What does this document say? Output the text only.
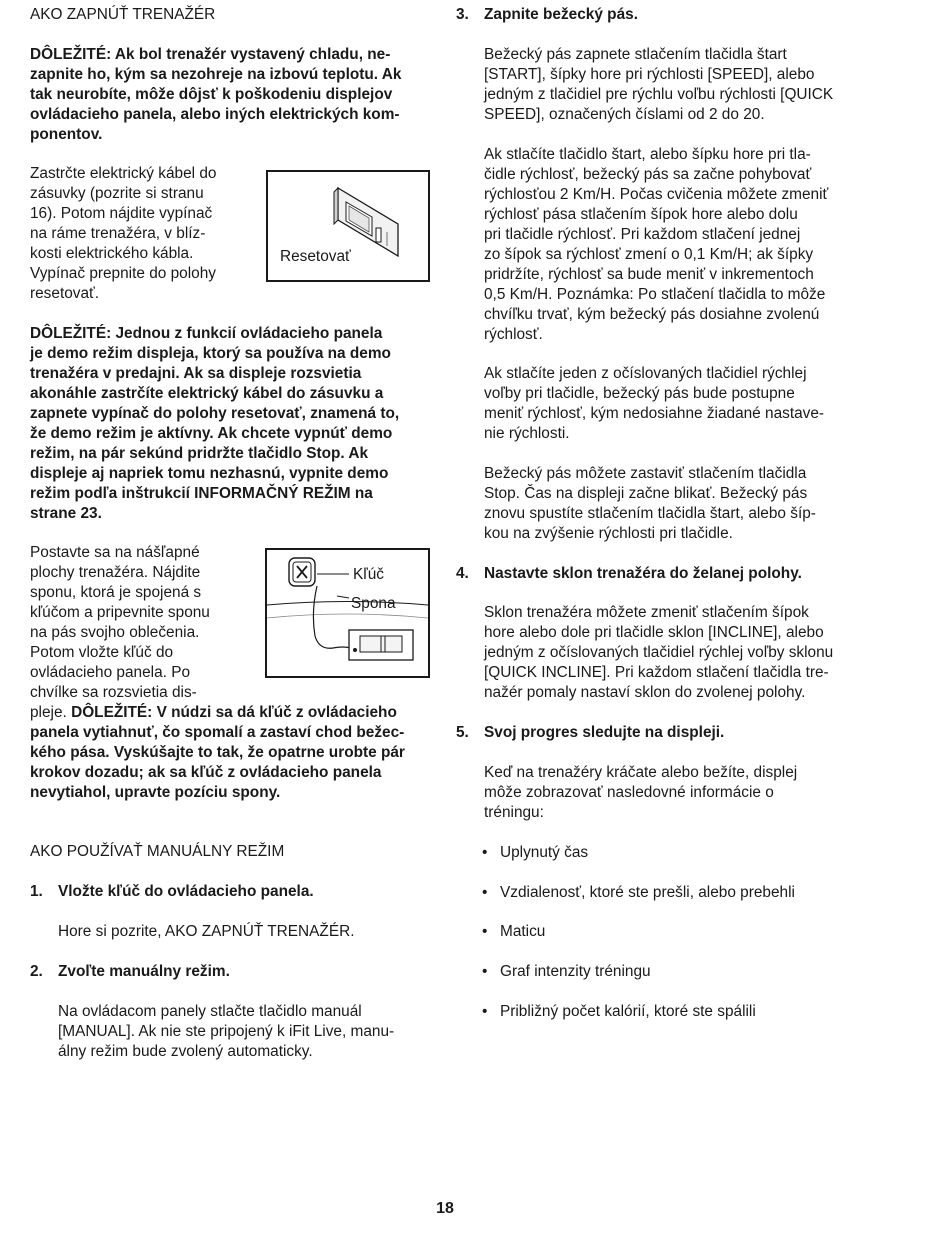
AKO ZAPNÚŤ TRENAŽÉR

DÔLEŽITÉ: Ak bol trenažér vystavený chladu, ne-

zapnite ho, kým sa nezohreje na izbovú teplotu. Ak

tak neurobíte, môže dôjsť k poškodeniu displejov

ovládacieho panela, alebo iných elektrických kom-

ponentov.

Zastrčte elektrický kábel do

zásuvky (pozrite si stranu

16). Potom nájdite vypínač

na ráme trenažéra, v blíz-

kosti elektrického kábla.

Vypínač prepnite do polohy

resetovať.

Resetovať

DÔLEŽITÉ: Jednou z funkcií ovládacieho panela

je demo režim displeja, ktorý sa používa na demo

trenažéra v predajni. Ak sa displeje rozsvietia

akonáhle zastrčíte elektrický kábel do zásuvku a

zapnete vypínač do polohy resetovať, znamená to,

že demo režim je aktívny. Ak chcete vypnúť demo

režim, na pár sekúnd pridržte tlačidlo Stop. Ak

displeje aj napriek tomu nezhasnú, vypnite demo

režim podľa inštrukcií INFORMAČNÝ REŽIM na

strane 23.

Postavte sa na nášľapné

plochy trenažéra. Nájdite

sponu, ktorá je spojená s

kľúčom a pripevnite sponu

na pás svojho oblečenia.

Potom vložte kľúč do

ovládacieho panela. Po

chvílke sa rozsvietia dis-

Kľúč
Spona

pleje. DÔLEŽITÉ: V núdzi sa dá kľúč z ovládacieho

panela vytiahnuť, čo spomalí a zastaví chod bežec-

kého pása. Vyskúšajte to tak, že opatrne urobte pár

krokov dozadu; ak sa kľúč z ovládacieho panela

nevytiahol, upravte pozíciu spony.

AKO POUŽÍVAŤ MANUÁLNY REŽIM

1. Vložte kľúč do ovládacieho panela.

Hore si pozrite, AKO ZAPNÚŤ TRENAŽÉR.

2. Zvoľte manuálny režim.

Na ovládacom panely stlačte tlačidlo manuál

[MANUAL]. Ak nie ste pripojený k iFit Live, manu-

álny režim bude zvolený automaticky.

3. Zapnite bežecký pás.

Bežecký pás zapnete stlačením tlačidla štart

[START], šípky hore pri rýchlosti [SPEED], alebo

jedným z tlačidiel pre rýchlu voľbu rýchlosti [QUICK

SPEED], označených číslami od 2 do 20.

Ak stlačíte tlačidlo štart, alebo šípku hore pri tla-

čidle rýchlosť, bežecký pás sa začne pohybovať

rýchlosťou 2 Km/H. Počas cvičenia môžete zmeniť

rýchlosť pása stlačením šípok hore alebo dolu

pri tlačidle rýchlosť. Pri každom stlačení jednej

zo šípok sa rýchlosť zmení o 0,1 Km/H; ak šípky

pridržíte, rýchlosť sa bude meniť v inkrementoch

0,5 Km/H. Poznámka: Po stlačení tlačidla to môže

chvíľku trvať, kým bežecký pás dosiahne zvolenú

rýchlosť.

Ak stlačíte jeden z očíslovaných tlačidiel rýchlej

voľby pri tlačidle, bežecký pás bude postupne

meniť rýchlosť, kým nedosiahne žiadané nastave-

nie rýchlosti.

Bežecký pás môžete zastaviť stlačením tlačidla

Stop. Čas na displeji začne blikať. Bežecký pás

znovu spustíte stlačením tlačidla štart, alebo šíp-

kou na zvýšenie rýchlosti pri tlačidle.

4. Nastavte sklon trenažéra do želanej polohy.

Sklon trenažéra môžete zmeniť stlačením šípok

hore alebo dole pri tlačidle sklon [INCLINE], alebo

jedným z očíslovaných tlačidiel rýchlej voľby sklonu

[QUICK INCLINE]. Pri každom stlačení tlačidla tre-

nažér pomaly nastaví sklon do zvolenej polohy.

5. Svoj progres sledujte na displeji.

Keď na trenažéry kráčate alebo bežíte, displej

môže zobrazovať nasledovné informácie o

tréningu:

• Uplynutý čas

• Vzdialenosť, ktoré ste prešli, alebo prebehli

• Maticu

• Graf intenzity tréningu

• Približný počet kalórií, ktoré ste spálili

18
